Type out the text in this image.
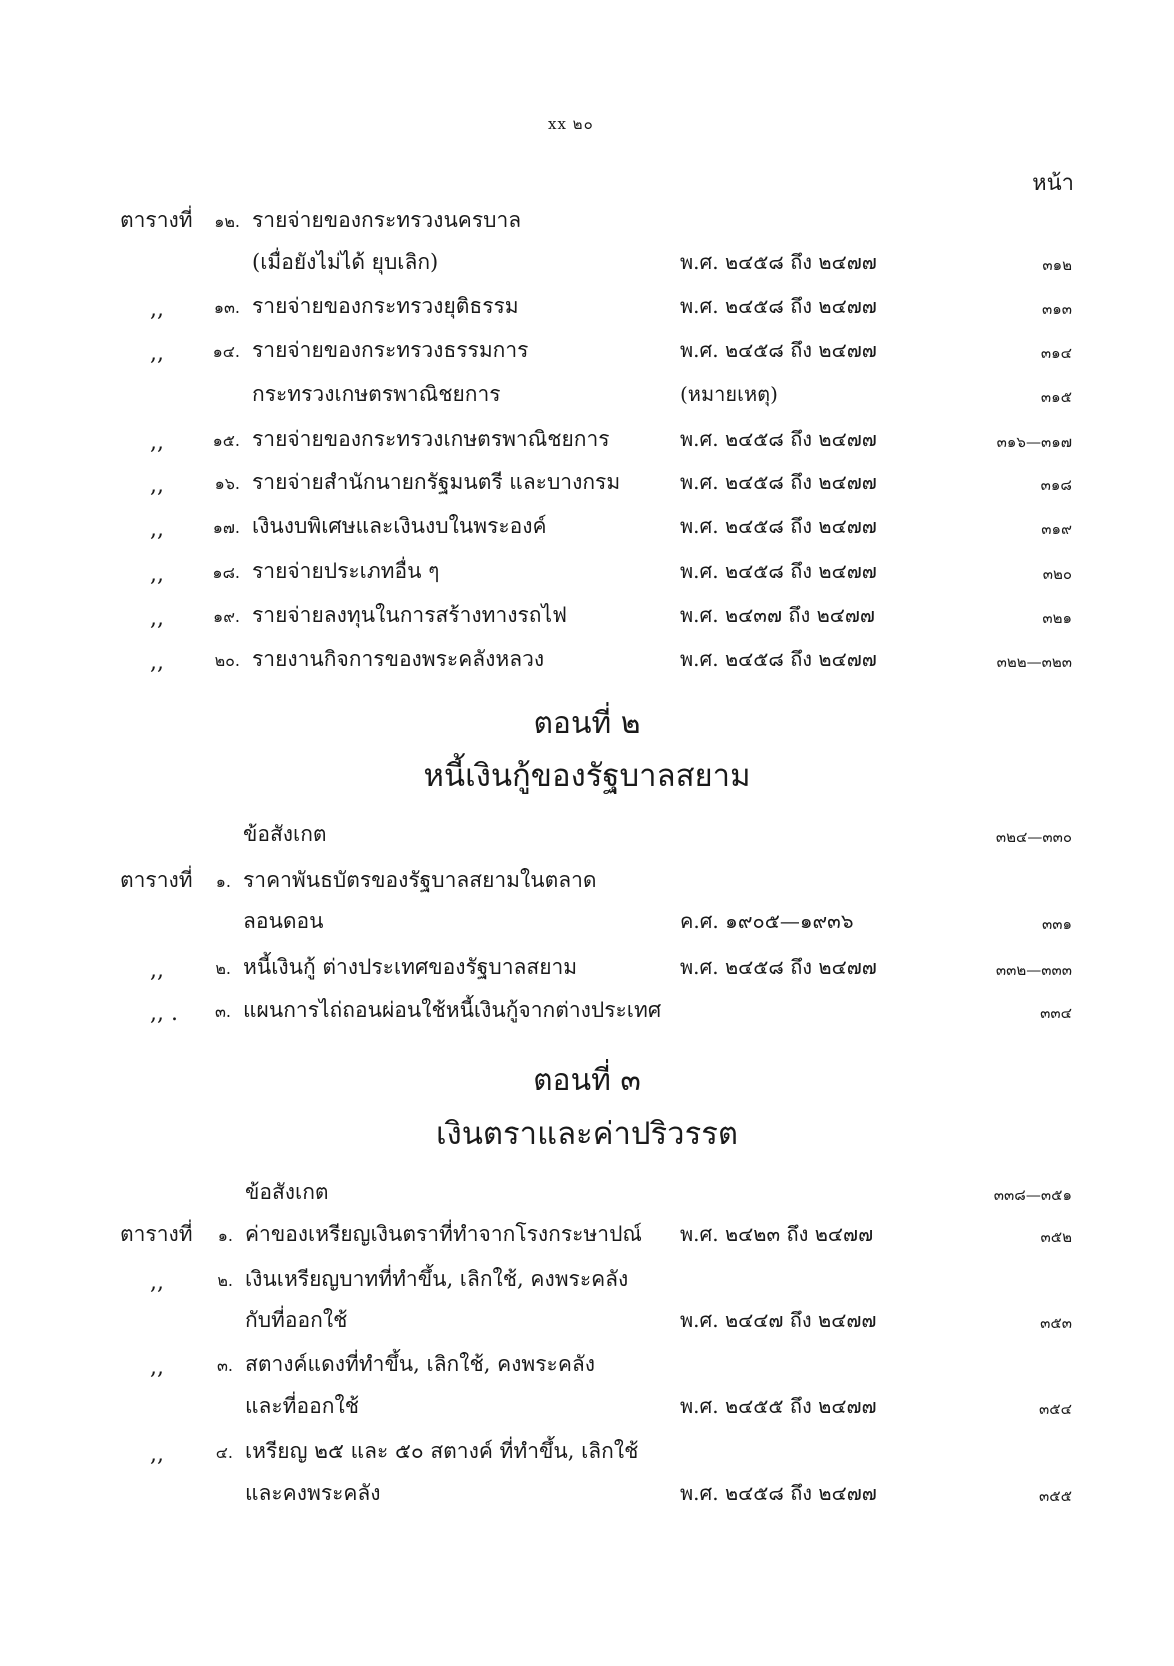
xx ๒๐
หน้า
ตารางที่	๑๒. รายจ่ายของกระทรวงนครบาล
(เมื่อยังไม่ได้ ยุบเลิก)	พ.ศ. ๒๔๕๘ ถึง ๒๔๗๗	๓๑๒
,,	๑๓. รายจ่ายของกระทรวงยุติธรรม	พ.ศ. ๒๔๕๘ ถึง ๒๔๗๗	๓๑๓
,,	๑๔. รายจ่ายของกระทรวงธรรมการ	พ.ศ. ๒๔๕๘ ถึง ๒๔๗๗	๓๑๔
กระทรวงเกษตรพาณิชยการ	(หมายเหตุ)	๓๑๕
,,	๑๕. รายจ่ายของกระทรวงเกษตรพาณิชยการ	พ.ศ. ๒๔๕๘ ถึง ๒๔๗๗	๓๑๖—๓๑๗
,,	๑๖. รายจ่ายสำนักนายกรัฐมนตรี และบางกรม	พ.ศ. ๒๔๕๘ ถึง ๒๔๗๗	๓๑๘
,,	๑๗. เงินงบพิเศษและเงินงบในพระองค์	พ.ศ. ๒๔๕๘ ถึง ๒๔๗๗	๓๑๙
,,	๑๘. รายจ่ายประเภทอื่น ๆ	พ.ศ. ๒๔๕๘ ถึง ๒๔๗๗	๓๒๐
,,	๑๙. รายจ่ายลงทุนในการสร้างทางรถไฟ	พ.ศ. ๒๔๓๗ ถึง ๒๔๗๗	๓๒๑
,,	๒๐. รายงานกิจการของพระคลังหลวง	พ.ศ. ๒๔๕๘ ถึง ๒๔๗๗	๓๒๒—๓๒๓
ตอนที่ ๒
หนี้เงินกู้ของรัฐบาลสยาม
ข้อสังเกต	๓๒๔—๓๓๐
ตารางที่	๑. ราคาพันธบัตรของรัฐบาลสยามในตลาด
ลอนดอน	ค.ศ. ๑๙๐๕—๑๙๓๖	๓๓๑
,,	๒. หนี้เงินกู้ ต่างประเทศของรัฐบาลสยาม	พ.ศ. ๒๔๕๘ ถึง ๒๔๗๗	๓๓๒—๓๓๓
,, .	๓. แผนการไถ่ถอนผ่อนใช้หนี้เงินกู้จากต่างประเทศ	๓๓๔
ตอนที่ ๓
เงินตราและค่าปริวรรต
ข้อสังเกต	๓๓๘—๓๕๑
ตารางที่	๑. ค่าของเหรียญเงินตราที่ทำจากโรงกระษาปณ์ พ.ศ. ๒๔๒๓ ถึง ๒๔๗๗	๓๕๒
,,	๒. เงินเหรียญบาทที่ทำขึ้น, เลิกใช้, คงพระคลัง
กับที่ออกใช้	พ.ศ. ๒๔๔๗ ถึง ๒๔๗๗	๓๕๓
,,	๓. สตางค์แดงที่ทำขึ้น, เลิกใช้, คงพระคลัง
และที่ออกใช้	พ.ศ. ๒๔๕๕ ถึง ๒๔๗๗	๓๕๔
,,	๔. เหรียญ ๒๕ และ ๕๐ สตางค์ ที่ทำขึ้น, เลิกใช้
และคงพระคลัง	พ.ศ. ๒๔๕๘ ถึง ๒๔๗๗	๓๕๕
